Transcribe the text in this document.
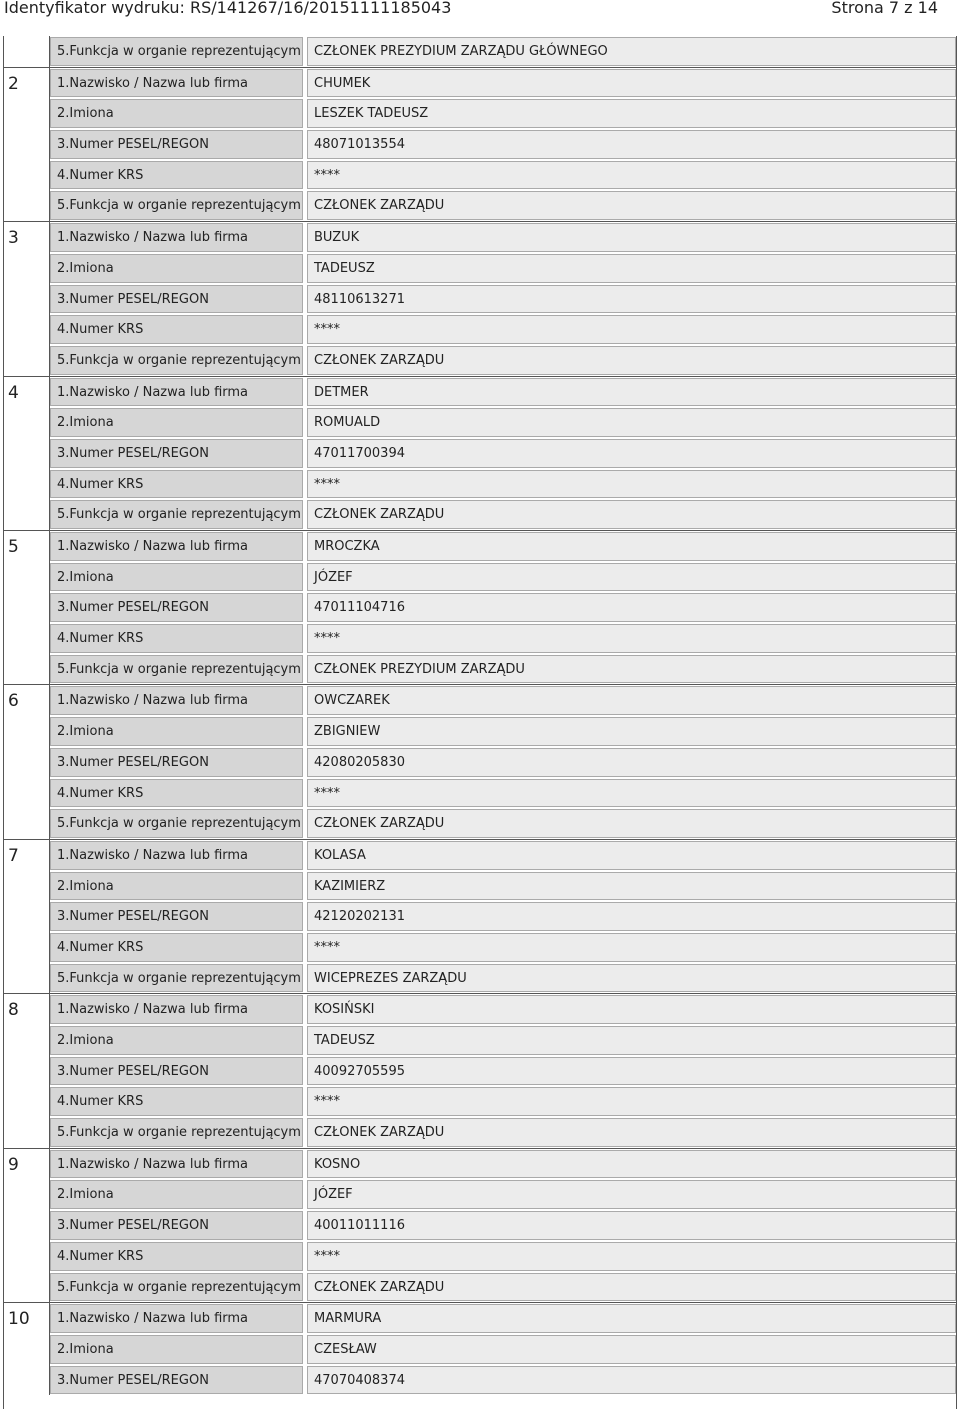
Identyfikator wydruku: RS/141267/16/20151111185043	Strona 7 z 14
5.Funkcja w organie reprezentującym	CZŁONEK PREZYDIUM ZARZĄDU GŁÓWNEGO
2	1.Nazwisko / Nazwa lub firma	CHUMEK
2.Imiona	LESZEK TADEUSZ
3.Numer PESEL/REGON	48071013554
4.Numer KRS	****
5.Funkcja w organie reprezentującym	CZŁONEK ZARZĄDU
3	1.Nazwisko / Nazwa lub firma	BUZUK
2.Imiona	TADEUSZ
3.Numer PESEL/REGON	48110613271
4.Numer KRS	****
5.Funkcja w organie reprezentującym	CZŁONEK ZARZĄDU
4	1.Nazwisko / Nazwa lub firma	DETMER
2.Imiona	ROMUALD
3.Numer PESEL/REGON	47011700394
4.Numer KRS	****
5.Funkcja w organie reprezentującym	CZŁONEK ZARZĄDU
5	1.Nazwisko / Nazwa lub firma	MROCZKA
2.Imiona	JÓZEF
3.Numer PESEL/REGON	47011104716
4.Numer KRS	****
5.Funkcja w organie reprezentującym	CZŁONEK PREZYDIUM ZARZĄDU
6	1.Nazwisko / Nazwa lub firma	OWCZAREK
2.Imiona	ZBIGNIEW
3.Numer PESEL/REGON	42080205830
4.Numer KRS	****
5.Funkcja w organie reprezentującym	CZŁONEK ZARZĄDU
7	1.Nazwisko / Nazwa lub firma	KOLASA
2.Imiona	KAZIMIERZ
3.Numer PESEL/REGON	42120202131
4.Numer KRS	****
5.Funkcja w organie reprezentującym	WICEPREZES ZARZĄDU
8	1.Nazwisko / Nazwa lub firma	KOSIŃSKI
2.Imiona	TADEUSZ
3.Numer PESEL/REGON	40092705595
4.Numer KRS	****
5.Funkcja w organie reprezentującym	CZŁONEK ZARZĄDU
9	1.Nazwisko / Nazwa lub firma	KOSNO
2.Imiona	JÓZEF
3.Numer PESEL/REGON	40011011116
4.Numer KRS	****
5.Funkcja w organie reprezentującym	CZŁONEK ZARZĄDU
10	1.Nazwisko / Nazwa lub firma	MARMURA
2.Imiona	CZESŁAW
3.Numer PESEL/REGON	47070408374
